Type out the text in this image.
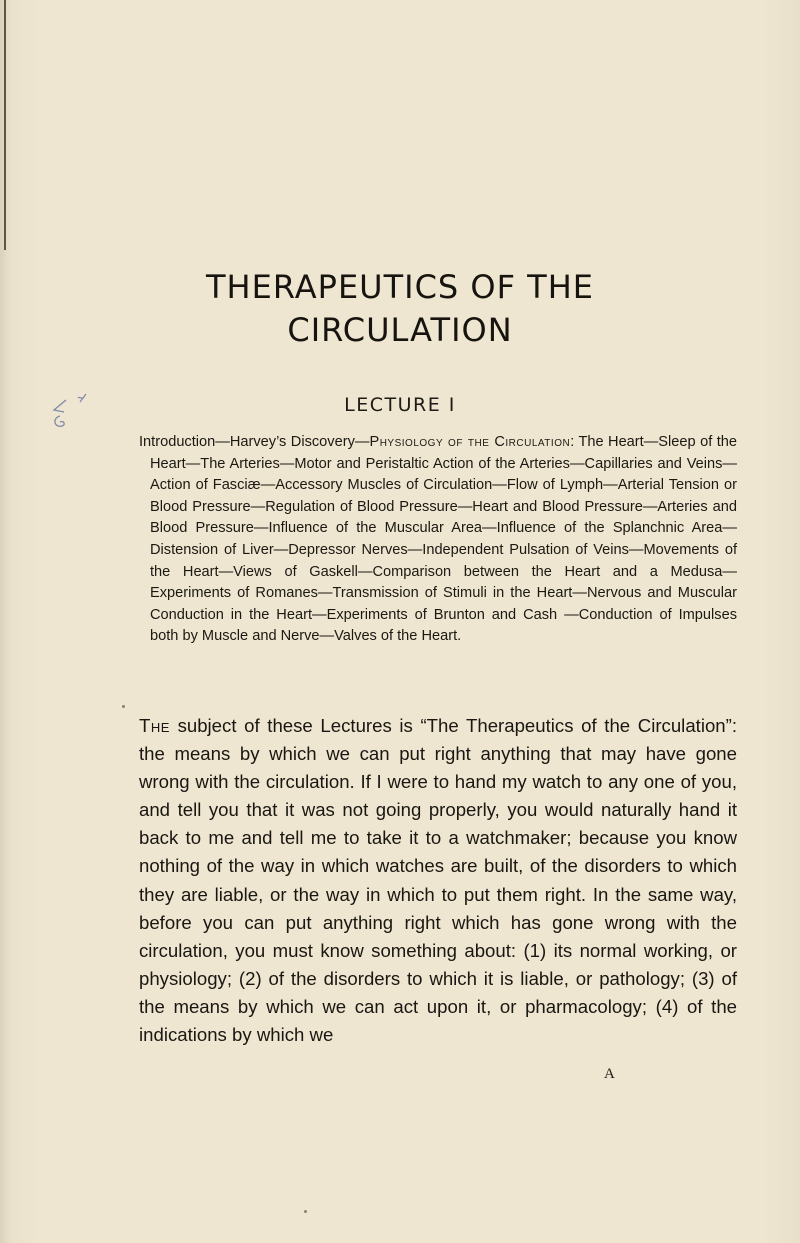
THERAPEUTICS OF THE
CIRCULATION
LECTURE I
Introduction—Harvey’s Discovery—Physiology of the Circulation: The Heart—Sleep of the Heart—The Arteries—Motor and Peristaltic Action of the Arteries—Capillaries and Veins—Action of Fasciæ—Accessory Muscles of Circulation—Flow of Lymph—Arterial Tension or Blood Pressure—Regulation of Blood Pressure—Heart and Blood Pressure—Arteries and Blood Pressure—Influence of the Muscular Area—Influence of the Splanchnic Area—Distension of Liver—Depressor Nerves—Independent Pulsation of Veins—Movements of the Heart—Views of Gaskell—Comparison between the Heart and a Medusa—Experiments of Romanes—Transmission of Stimuli in the Heart—Nervous and Muscular Conduction in the Heart—Experiments of Brunton and Cash —Conduction of Impulses both by Muscle and Nerve—Valves of the Heart.
The subject of these Lectures is “The Therapeutics of the Circulation”: the means by which we can put right anything that may have gone wrong with the circulation. If I were to hand my watch to any one of you, and tell you that it was not going properly, you would naturally hand it back to me and tell me to take it to a watchmaker; because you know nothing of the way in which watches are built, of the disorders to which they are liable, or the way in which to put them right. In the same way, before you can put anything right which has gone wrong with the circulation, you must know something about: (1) its normal working, or physiology; (2) of the disorders to which it is liable, or pathology; (3) of the means by which we can act upon it, or pharmacology; (4) of the indications by which we
A
